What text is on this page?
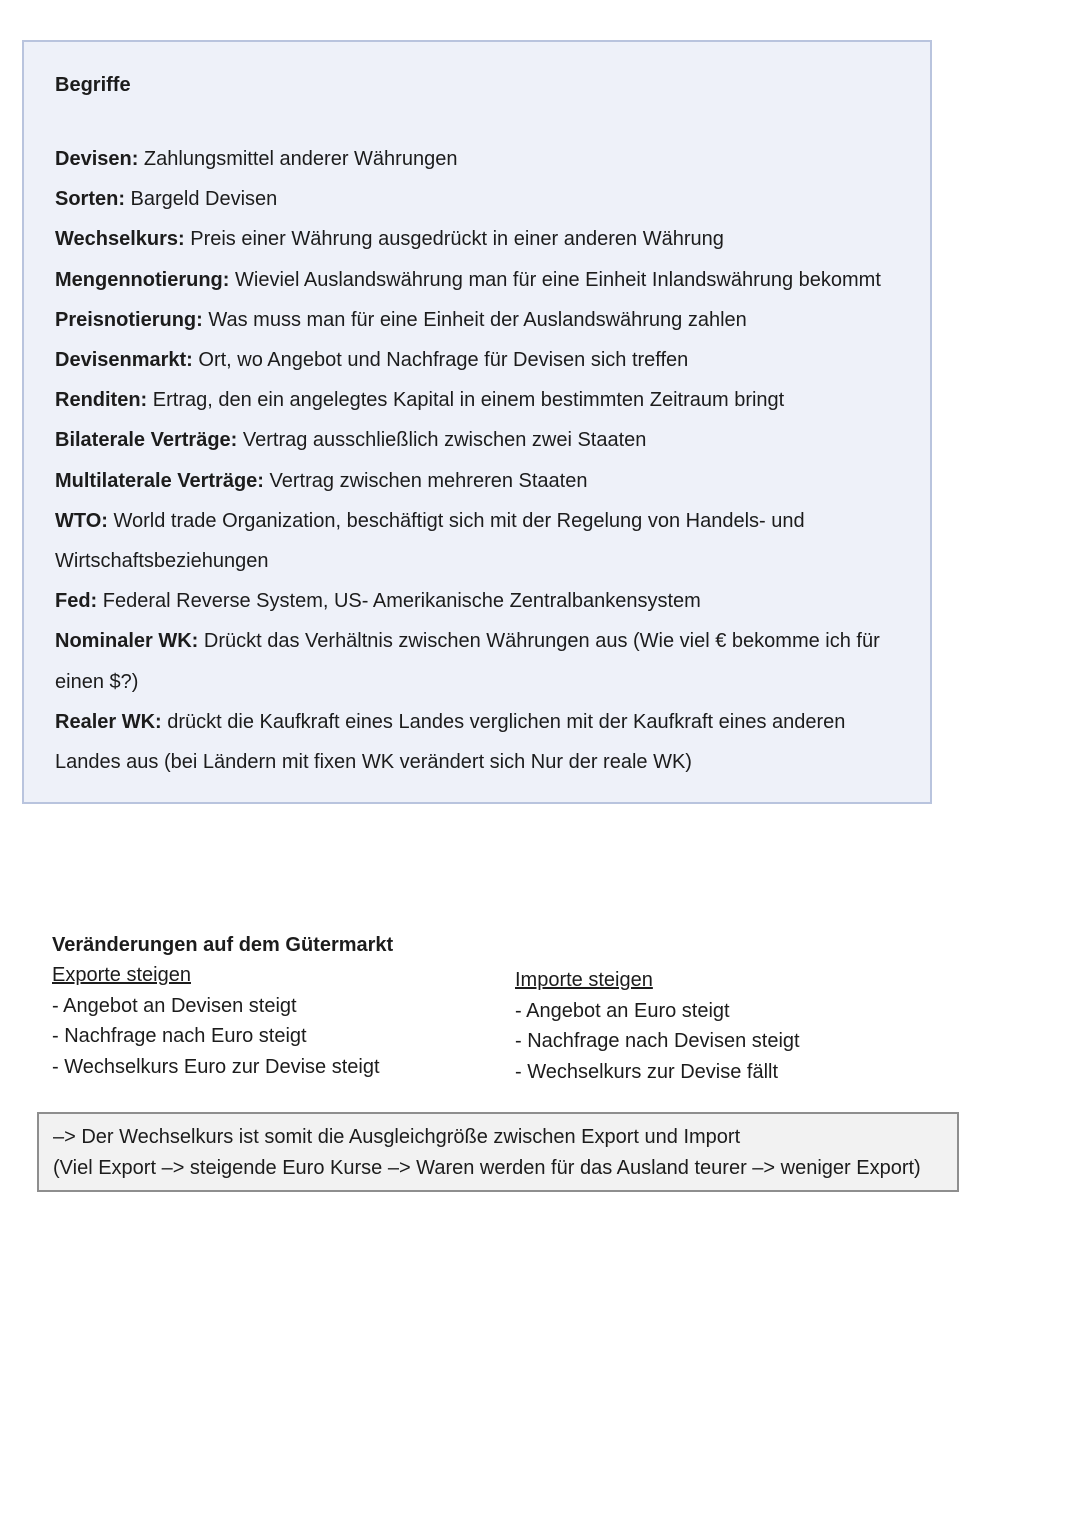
Begriffe
Devisen: Zahlungsmittel anderer Währungen
Sorten: Bargeld Devisen
Wechselkurs: Preis einer Währung ausgedrückt in einer anderen Währung
Mengennotierung: Wieviel Auslandswährung man für eine Einheit Inlandswährung bekommt
Preisnotierung: Was muss man für eine Einheit der Auslandswährung zahlen
Devisenmarkt: Ort, wo Angebot und Nachfrage für Devisen sich treffen
Renditen: Ertrag, den ein angelegtes Kapital in einem bestimmten Zeitraum bringt
Bilaterale Verträge: Vertrag ausschließlich zwischen zwei Staaten
Multilaterale Verträge: Vertrag zwischen mehreren Staaten
WTO: World trade Organization, beschäftigt sich mit der Regelung von Handels- und Wirtschaftsbeziehungen
Fed: Federal Reverse System, US- Amerikanische Zentralbankensystem
Nominaler WK: Drückt das Verhältnis zwischen Währungen aus (Wie viel € bekomme ich für einen $?)
Realer WK: drückt die Kaufkraft eines Landes verglichen mit der Kaufkraft eines anderen Landes aus (bei Ländern mit fixen WK verändert sich Nur der reale WK)
Veränderungen auf dem Gütermarkt
Exporte steigen
- Angebot an Devisen steigt
- Nachfrage nach Euro steigt
- Wechselkurs Euro zur Devise steigt
Importe steigen
- Angebot an Euro steigt
- Nachfrage nach Devisen steigt
- Wechselkurs zur Devise fällt
–> Der Wechselkurs ist somit die Ausgleichgröße zwischen Export und Import
(Viel Export –> steigende Euro Kurse –> Waren werden für das Ausland teurer –> weniger Export)
